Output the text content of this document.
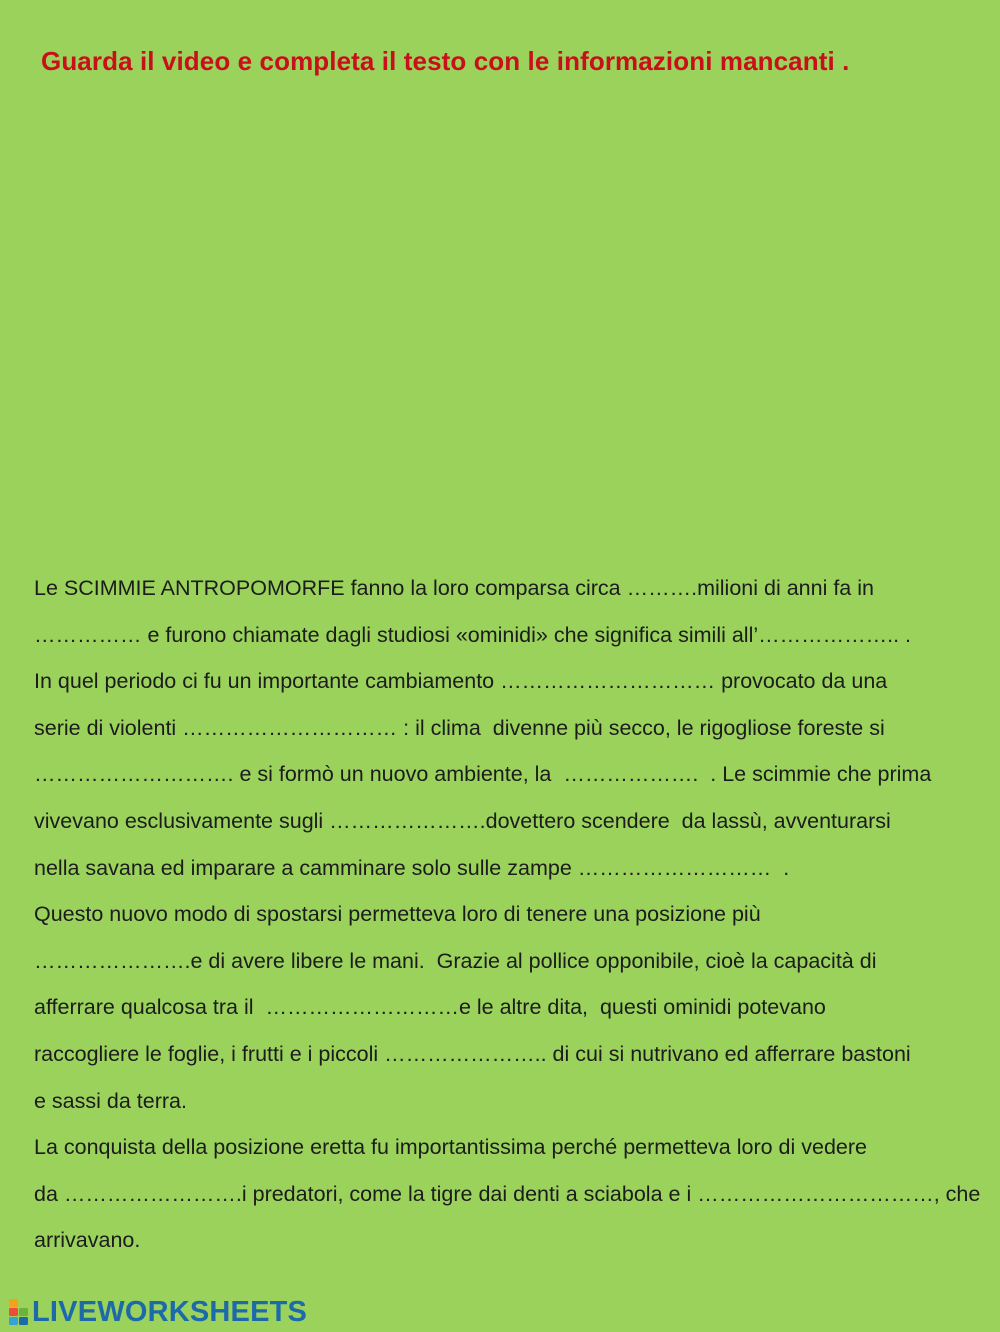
Guarda il video e completa il testo con le informazioni mancanti .
Le SCIMMIE ANTROPOMORFE fanno la loro comparsa circa ……….milioni di anni fa in
…………… e furono chiamate dagli studiosi «ominidi» che significa simili all’……………….. .
In quel periodo ci fu un importante cambiamento ………………………… provocato da una
serie di violenti ………………………… : il clima  divenne più secco, le rigogliose foreste si
………………………. e si formò un nuovo ambiente, la  ……………….  . Le scimmie che prima
vivevano esclusivamente sugli ………………….dovettero scendere  da lassù, avventurarsi
nella savana ed imparare a camminare solo sulle zampe ………………………  .
Questo nuovo modo di spostarsi permetteva loro di tenere una posizione più
………………….e di avere libere le mani.  Grazie al pollice opponibile, cioè la capacità di
afferrare qualcosa tra il  ………………………e le altre dita,  questi ominidi potevano
raccogliere le foglie, i frutti e i piccoli ………………….. di cui si nutrivano ed afferrare bastoni
e sassi da terra.
La conquista della posizione eretta fu importantissima perché permetteva loro di vedere
da …………………….i predatori, come la tigre dai denti a sciabola e i ……………………………, che
arrivavano.
LIVEWORKSHEETS
